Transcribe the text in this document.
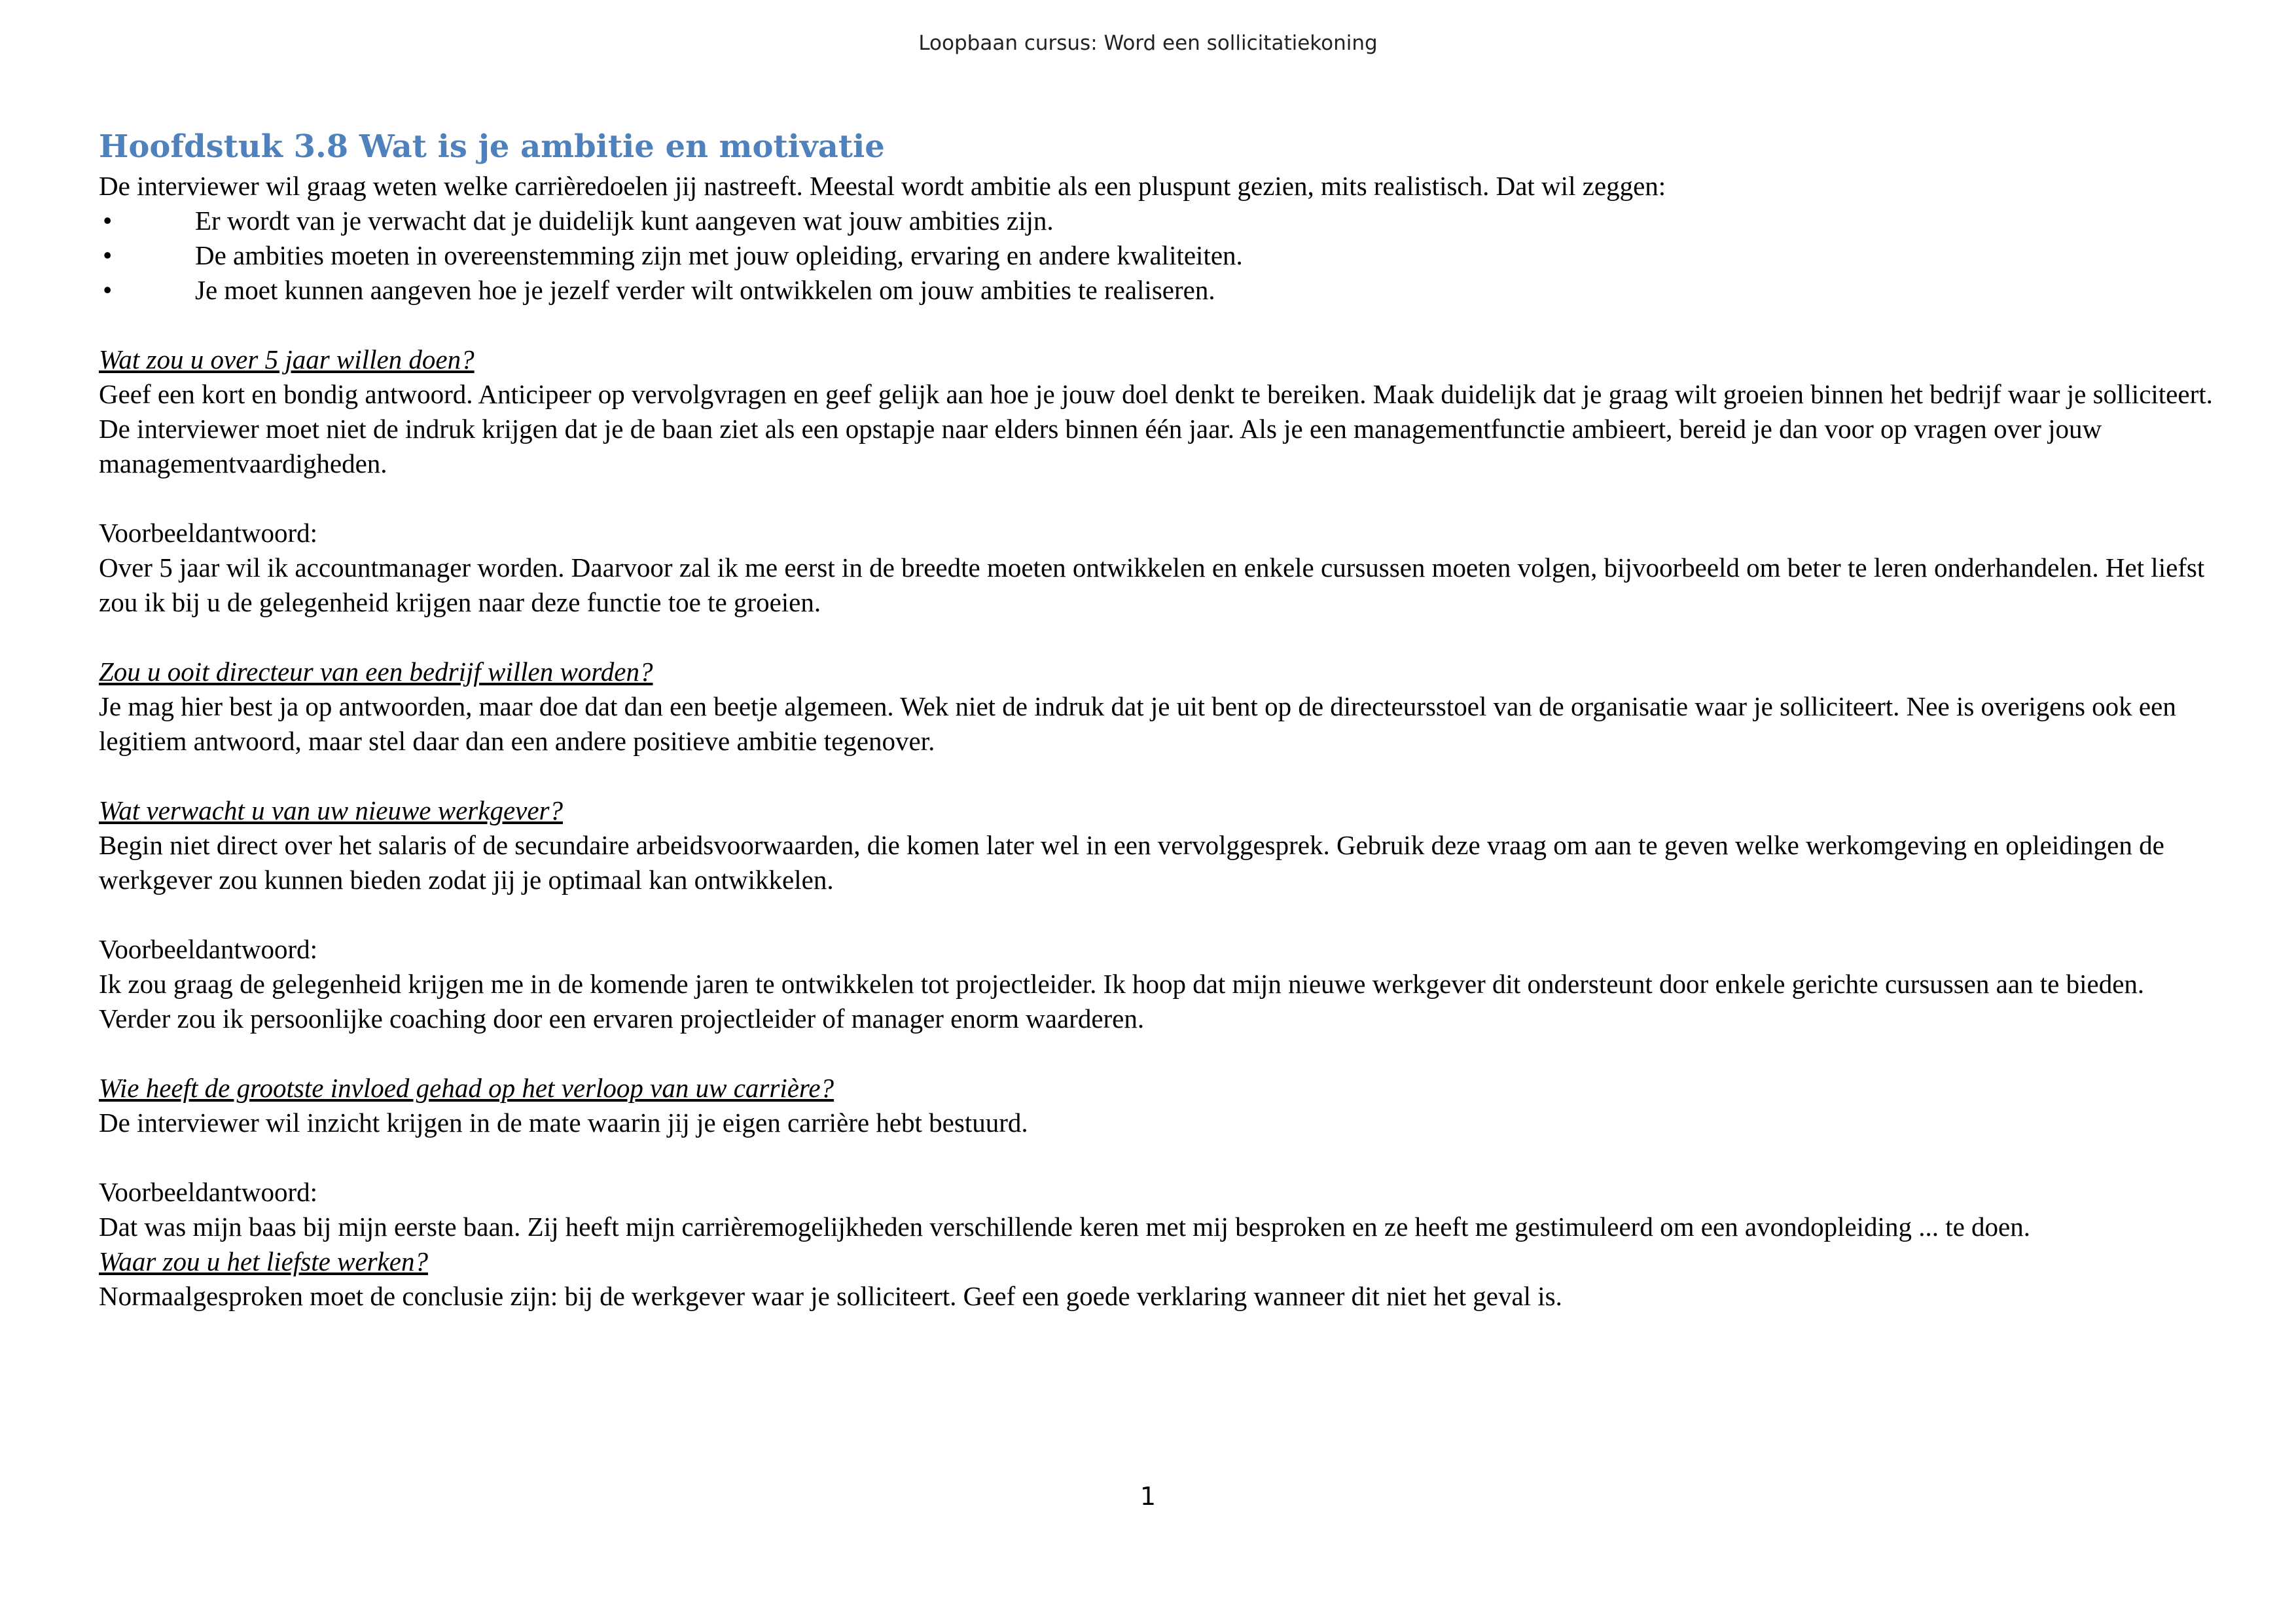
Loopbaan cursus: Word een sollicitatiekoning
Hoofdstuk 3.8 Wat is je ambitie en motivatie

De interviewer wil graag weten welke carrièredoelen jij nastreeft. Meestal wordt ambitie als een pluspunt gezien, mits realistisch. Dat wil zeggen:

•	Er wordt van je verwacht dat je duidelijk kunt aangeven wat jouw ambities zijn.
•	De ambities moeten in overeenstemming zijn met jouw opleiding, ervaring en andere kwaliteiten.
•	Je moet kunnen aangeven hoe je jezelf verder wilt ontwikkelen om jouw ambities te realiseren.

Wat zou u over 5 jaar willen doen?

Geef een kort en bondig antwoord. Anticipeer op vervolgvragen en geef gelijk aan hoe je jouw doel denkt te bereiken. Maak duidelijk dat je graag wilt groeien binnen het bedrijf waar je solliciteert. De interviewer moet niet de indruk krijgen dat je de baan ziet als een opstapje naar elders binnen één jaar. Als je een managementfunctie ambieert, bereid je dan voor op vragen over jouw managementvaardigheden.

Voorbeeldantwoord:

Over 5 jaar wil ik accountmanager worden. Daarvoor zal ik me eerst in de breedte moeten ontwikkelen en enkele cursussen moeten volgen, bijvoorbeeld om beter te leren onderhandelen. Het liefst zou ik bij u de gelegenheid krijgen naar deze functie toe te groeien.

Zou u ooit directeur van een bedrijf willen worden?

Je mag hier best ja op antwoorden, maar doe dat dan een beetje algemeen. Wek niet de indruk dat je uit bent op de directeursstoel van de organisatie waar je solliciteert. Nee is overigens ook een legitiem antwoord, maar stel daar dan een andere positieve ambitie tegenover.

Wat verwacht u van uw nieuwe werkgever?

Begin niet direct over het salaris of de secundaire arbeidsvoorwaarden, die komen later wel in een vervolggesprek. Gebruik deze vraag om aan te geven welke werkomgeving en opleidingen de werkgever zou kunnen bieden zodat jij je optimaal kan ontwikkelen.

Voorbeeldantwoord:

Ik zou graag de gelegenheid krijgen me in de komende jaren te ontwikkelen tot projectleider. Ik hoop dat mijn nieuwe werkgever dit ondersteunt door enkele gerichte cursussen aan te bieden. Verder zou ik persoonlijke coaching door een ervaren projectleider of manager enorm waarderen.

Wie heeft de grootste invloed gehad op het verloop van uw carrière?

De interviewer wil inzicht krijgen in de mate waarin jij je eigen carrière hebt bestuurd.

Voorbeeldantwoord:

Dat was mijn baas bij mijn eerste baan. Zij heeft mijn carrièremogelijkheden verschillende keren met mij besproken en ze heeft me gestimuleerd om een avondopleiding ... te doen.

Waar zou u het liefste werken?

Normaalgesproken moet de conclusie zijn: bij de werkgever waar je solliciteert. Geef een goede verklaring wanneer dit niet het geval is.

1
